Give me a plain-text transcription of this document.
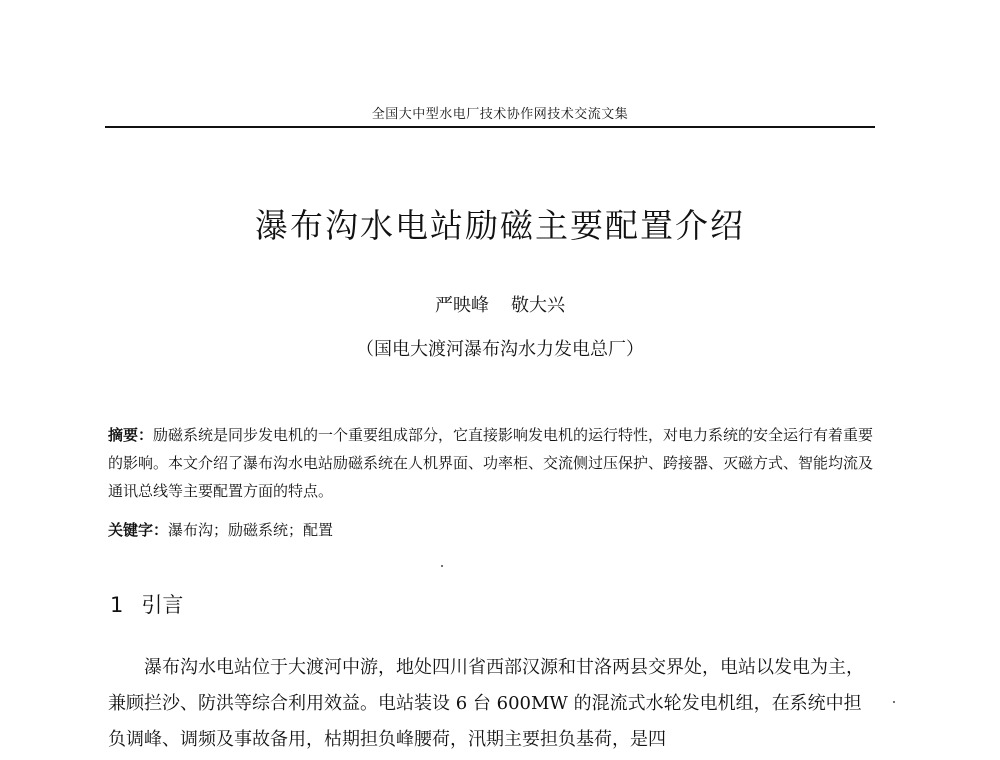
全国大中型水电厂技术协作网技术交流文集
瀑布沟水电站励磁主要配置介绍
严映峰 敬大兴
（国电大渡河瀑布沟水力发电总厂）
摘要：励磁系统是同步发电机的一个重要组成部分，它直接影响发电机的运行特性，对电力系统的安全运行有着重要的影响。本文介绍了瀑布沟水电站励磁系统在人机界面、功率柜、交流侧过压保护、跨接器、灭磁方式、智能均流及通讯总线等主要配置方面的特点。
关键字：瀑布沟；励磁系统；配置
1 引言
瀑布沟水电站位于大渡河中游，地处四川省西部汉源和甘洛两县交界处，电站以发电为主，兼顾拦沙、防洪等综合利用效益。电站装设 6 台 600MW 的混流式水轮发电机组，在系统中担负调峰、调频及事故备用，枯期担负峰腰荷，汛期主要担负基荷，是四
